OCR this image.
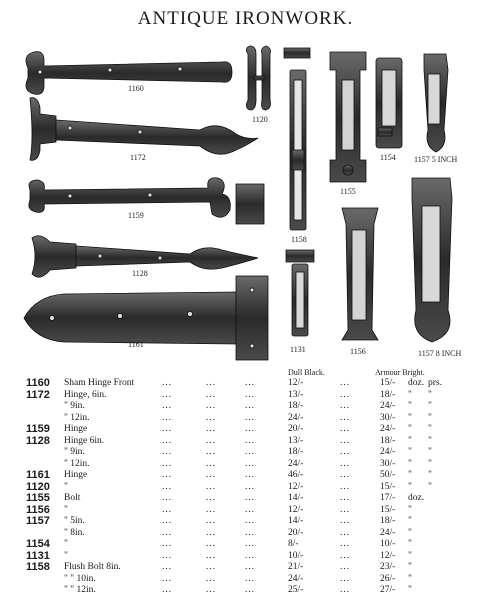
ANTIQUE IRONWORK.
1160
1120
1172
1159
1128
1161
1158
1155
1154 1157 5 INCH
1131	1156	1157 8 INCH
Dull Black.	Armour Bright.
1160 Sham Hinge Front	...	...	...	12/-	...	15/- doz. prs.
1172 Hinge, 6in.	...	...	...	13/-	...	18/- " "
" 9in.	...	...	...	18/-	...	24/- " "
" 12in.	...	...	...	24/-	...	30/- " "
1159 Hinge	...	...	...	20/-	...	24/- " "
1128 Hinge 6in.	...	...	...	13/-	...	18/- " "
" 9in.	...	...	...	18/-	...	24/- " "
" 12in.	...	...	...	24/-	...	30/- " "
1161 Hinge	...	...	...	46/-	...	50/- " "
1120 "	...	...	...	12/-	...	15/- " "
1155 Bolt	...	...	...	14/-	...	17/- doz.
1156 "	...	...	...	12/-	...	15/- "
1157 " 5in.	...	...	...	14/-	...	18/- "
" 8in.	...	...	...	20/-	...	24/- "
1154 "	...	...	...	8/-	...	10/- "
1131 "	...	...	...	10/-	...	12/- "
1158 Flush Bolt 8in.	...	...	...	21/-	...	23/- "
" " 10in.	...	...	...	24/-	...	26/- "
" " 12in.	...	...	...	25/-	...	27/- "
